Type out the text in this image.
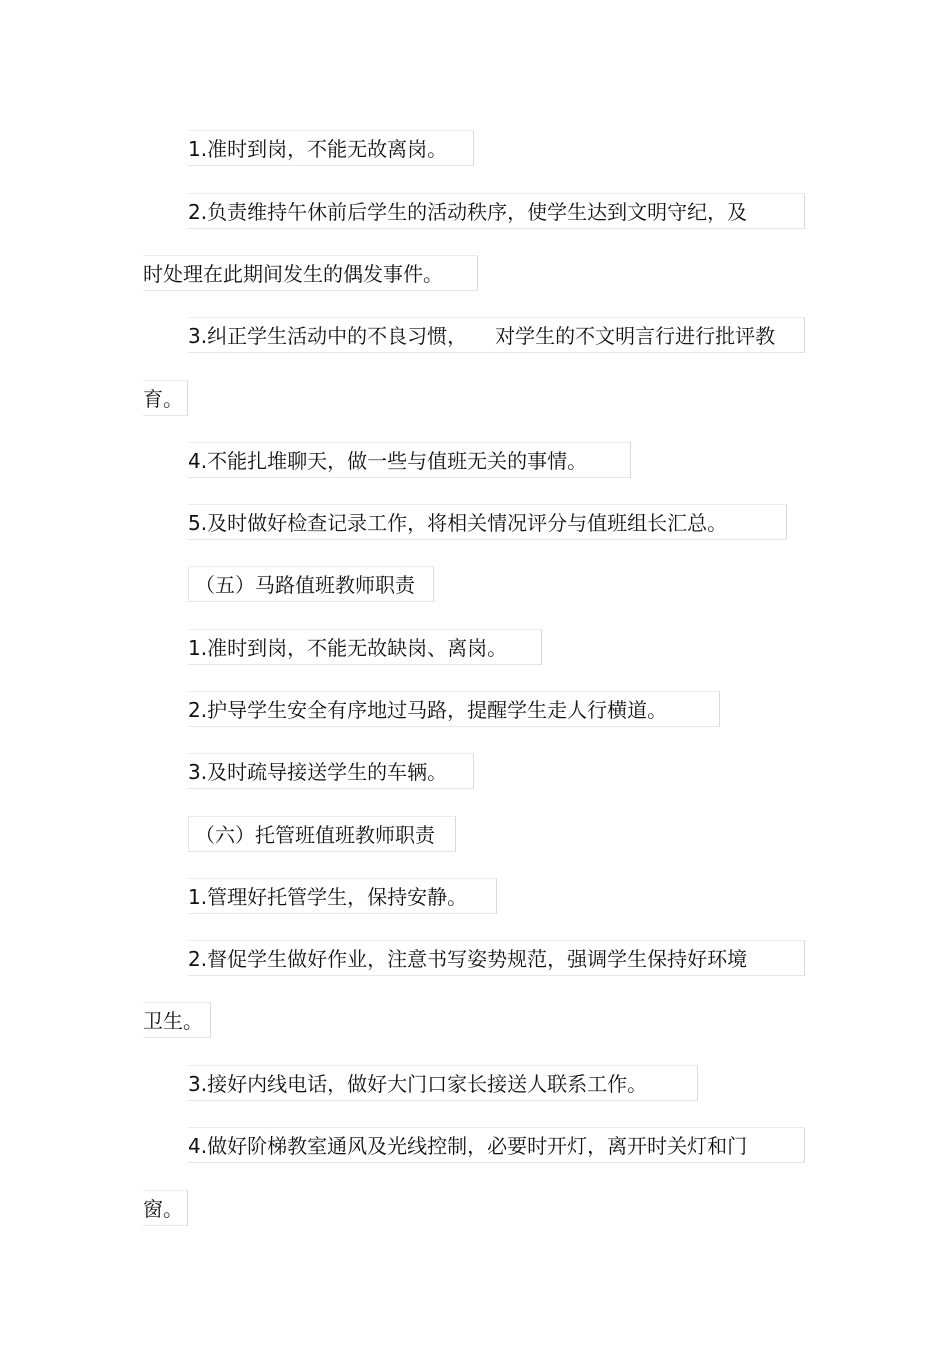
1.准时到岗，不能无故离岗。
2.负责维持午休前后学生的活动秩序，使学生达到文明守纪，及
时处理在此期间发生的偶发事件。
3.纠正学生活动中的不良习惯， 对学生的不文明言行进行批评教
育。
4.不能扎堆聊天，做一些与值班无关的事情。
5.及时做好检查记录工作，将相关情况评分与值班组长汇总。
（五）马路值班教师职责
1.准时到岗，不能无故缺岗、离岗。
2.护导学生安全有序地过马路，提醒学生走人行横道。
3.及时疏导接送学生的车辆。
（六）托管班值班教师职责
1.管理好托管学生，保持安静。
2.督促学生做好作业，注意书写姿势规范，强调学生保持好环境
卫生。
3.接好内线电话，做好大门口家长接送人联系工作。
4.做好阶梯教室通风及光线控制，必要时开灯，离开时关灯和门
窗。
